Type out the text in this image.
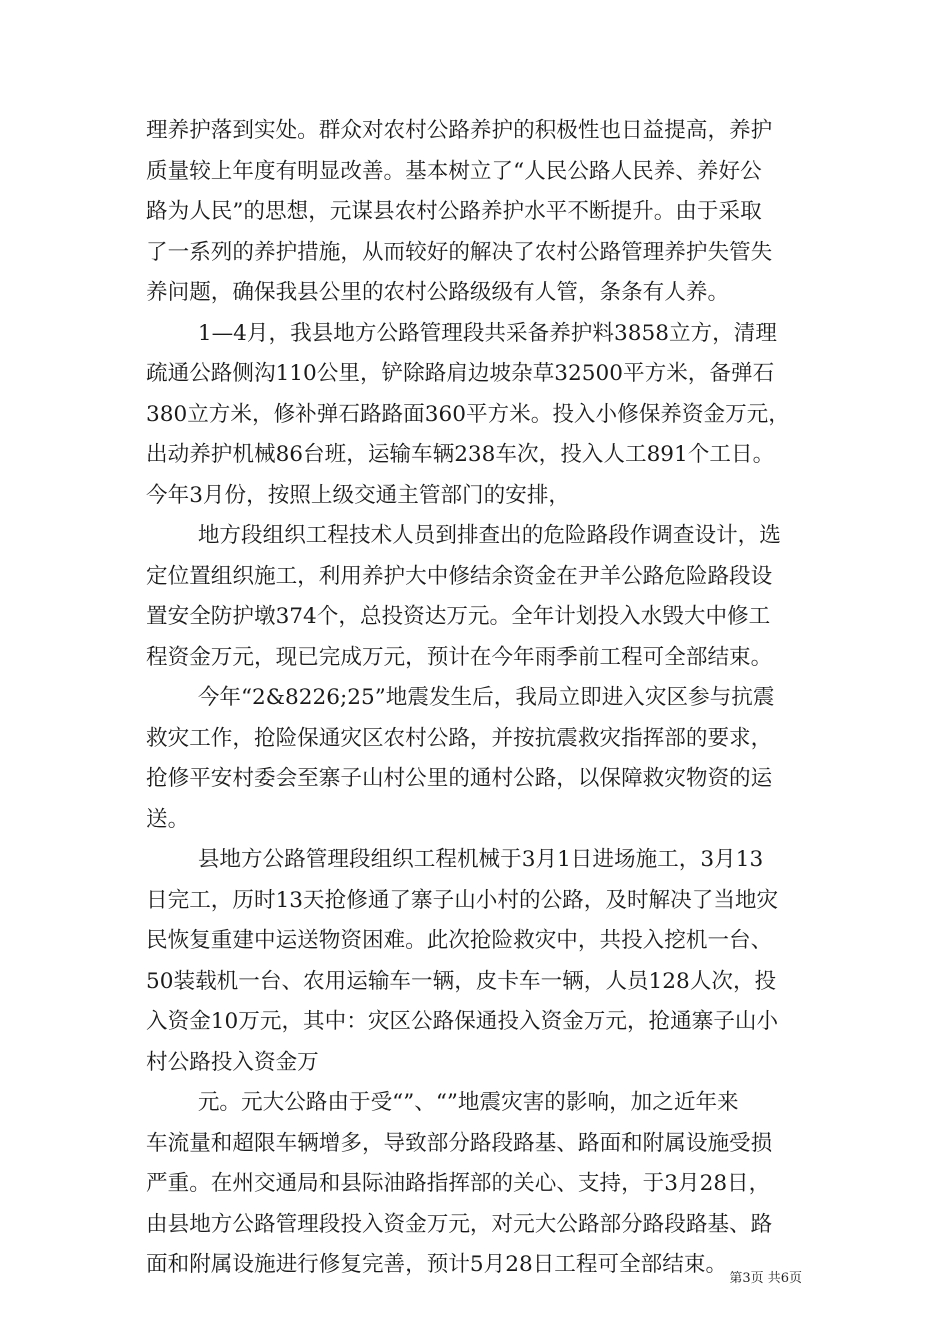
理养护落到实处。群众对农村公路养护的积极性也日益提高，养护
质量较上年度有明显改善。基本树立了“人民公路人民养、养好公
路为人民”的思想，元谋县农村公路养护水平不断提升。由于采取
了一系列的养护措施，从而较好的解决了农村公路管理养护失管失
养问题，确保我县公里的农村公路级级有人管，条条有人养。
1—4月，我县地方公路管理段共采备养护料3858立方，清理
疏通公路侧沟110公里，铲除路肩边坡杂草32500平方米，备弹石
380立方米，修补弹石路路面360平方米。投入小修保养资金万元，
出动养护机械86台班，运输车辆238车次，投入人工891个工日。
今年3月份，按照上级交通主管部门的安排，
地方段组织工程技术人员到排查出的危险路段作调查设计，选
定位置组织施工，利用养护大中修结余资金在尹羊公路危险路段设
置安全防护墩374个，总投资达万元。全年计划投入水毁大中修工
程资金万元，现已完成万元，预计在今年雨季前工程可全部结束。
今年“2&8226;25”地震发生后，我局立即进入灾区参与抗震
救灾工作，抢险保通灾区农村公路，并按抗震救灾指挥部的要求，
抢修平安村委会至寨子山村公里的通村公路，以保障救灾物资的运
送。
县地方公路管理段组织工程机械于3月1日进场施工，3月13
日完工，历时13天抢修通了寨子山小村的公路，及时解决了当地灾
民恢复重建中运送物资困难。此次抢险救灾中，共投入挖机一台、
50装载机一台、农用运输车一辆，皮卡车一辆，人员128人次，投
入资金10万元，其中：灾区公路保通投入资金万元，抢通寨子山小
村公路投入资金万
元。元大公路由于受“”、“”地震灾害的影响，加之近年来
车流量和超限车辆增多，导致部分路段路基、路面和附属设施受损
严重。在州交通局和县际油路指挥部的关心、支持，于3月28日，
由县地方公路管理段投入资金万元，对元大公路部分路段路基、路
面和附属设施进行修复完善，预计5月28日工程可全部结束。
第3页 共6页
